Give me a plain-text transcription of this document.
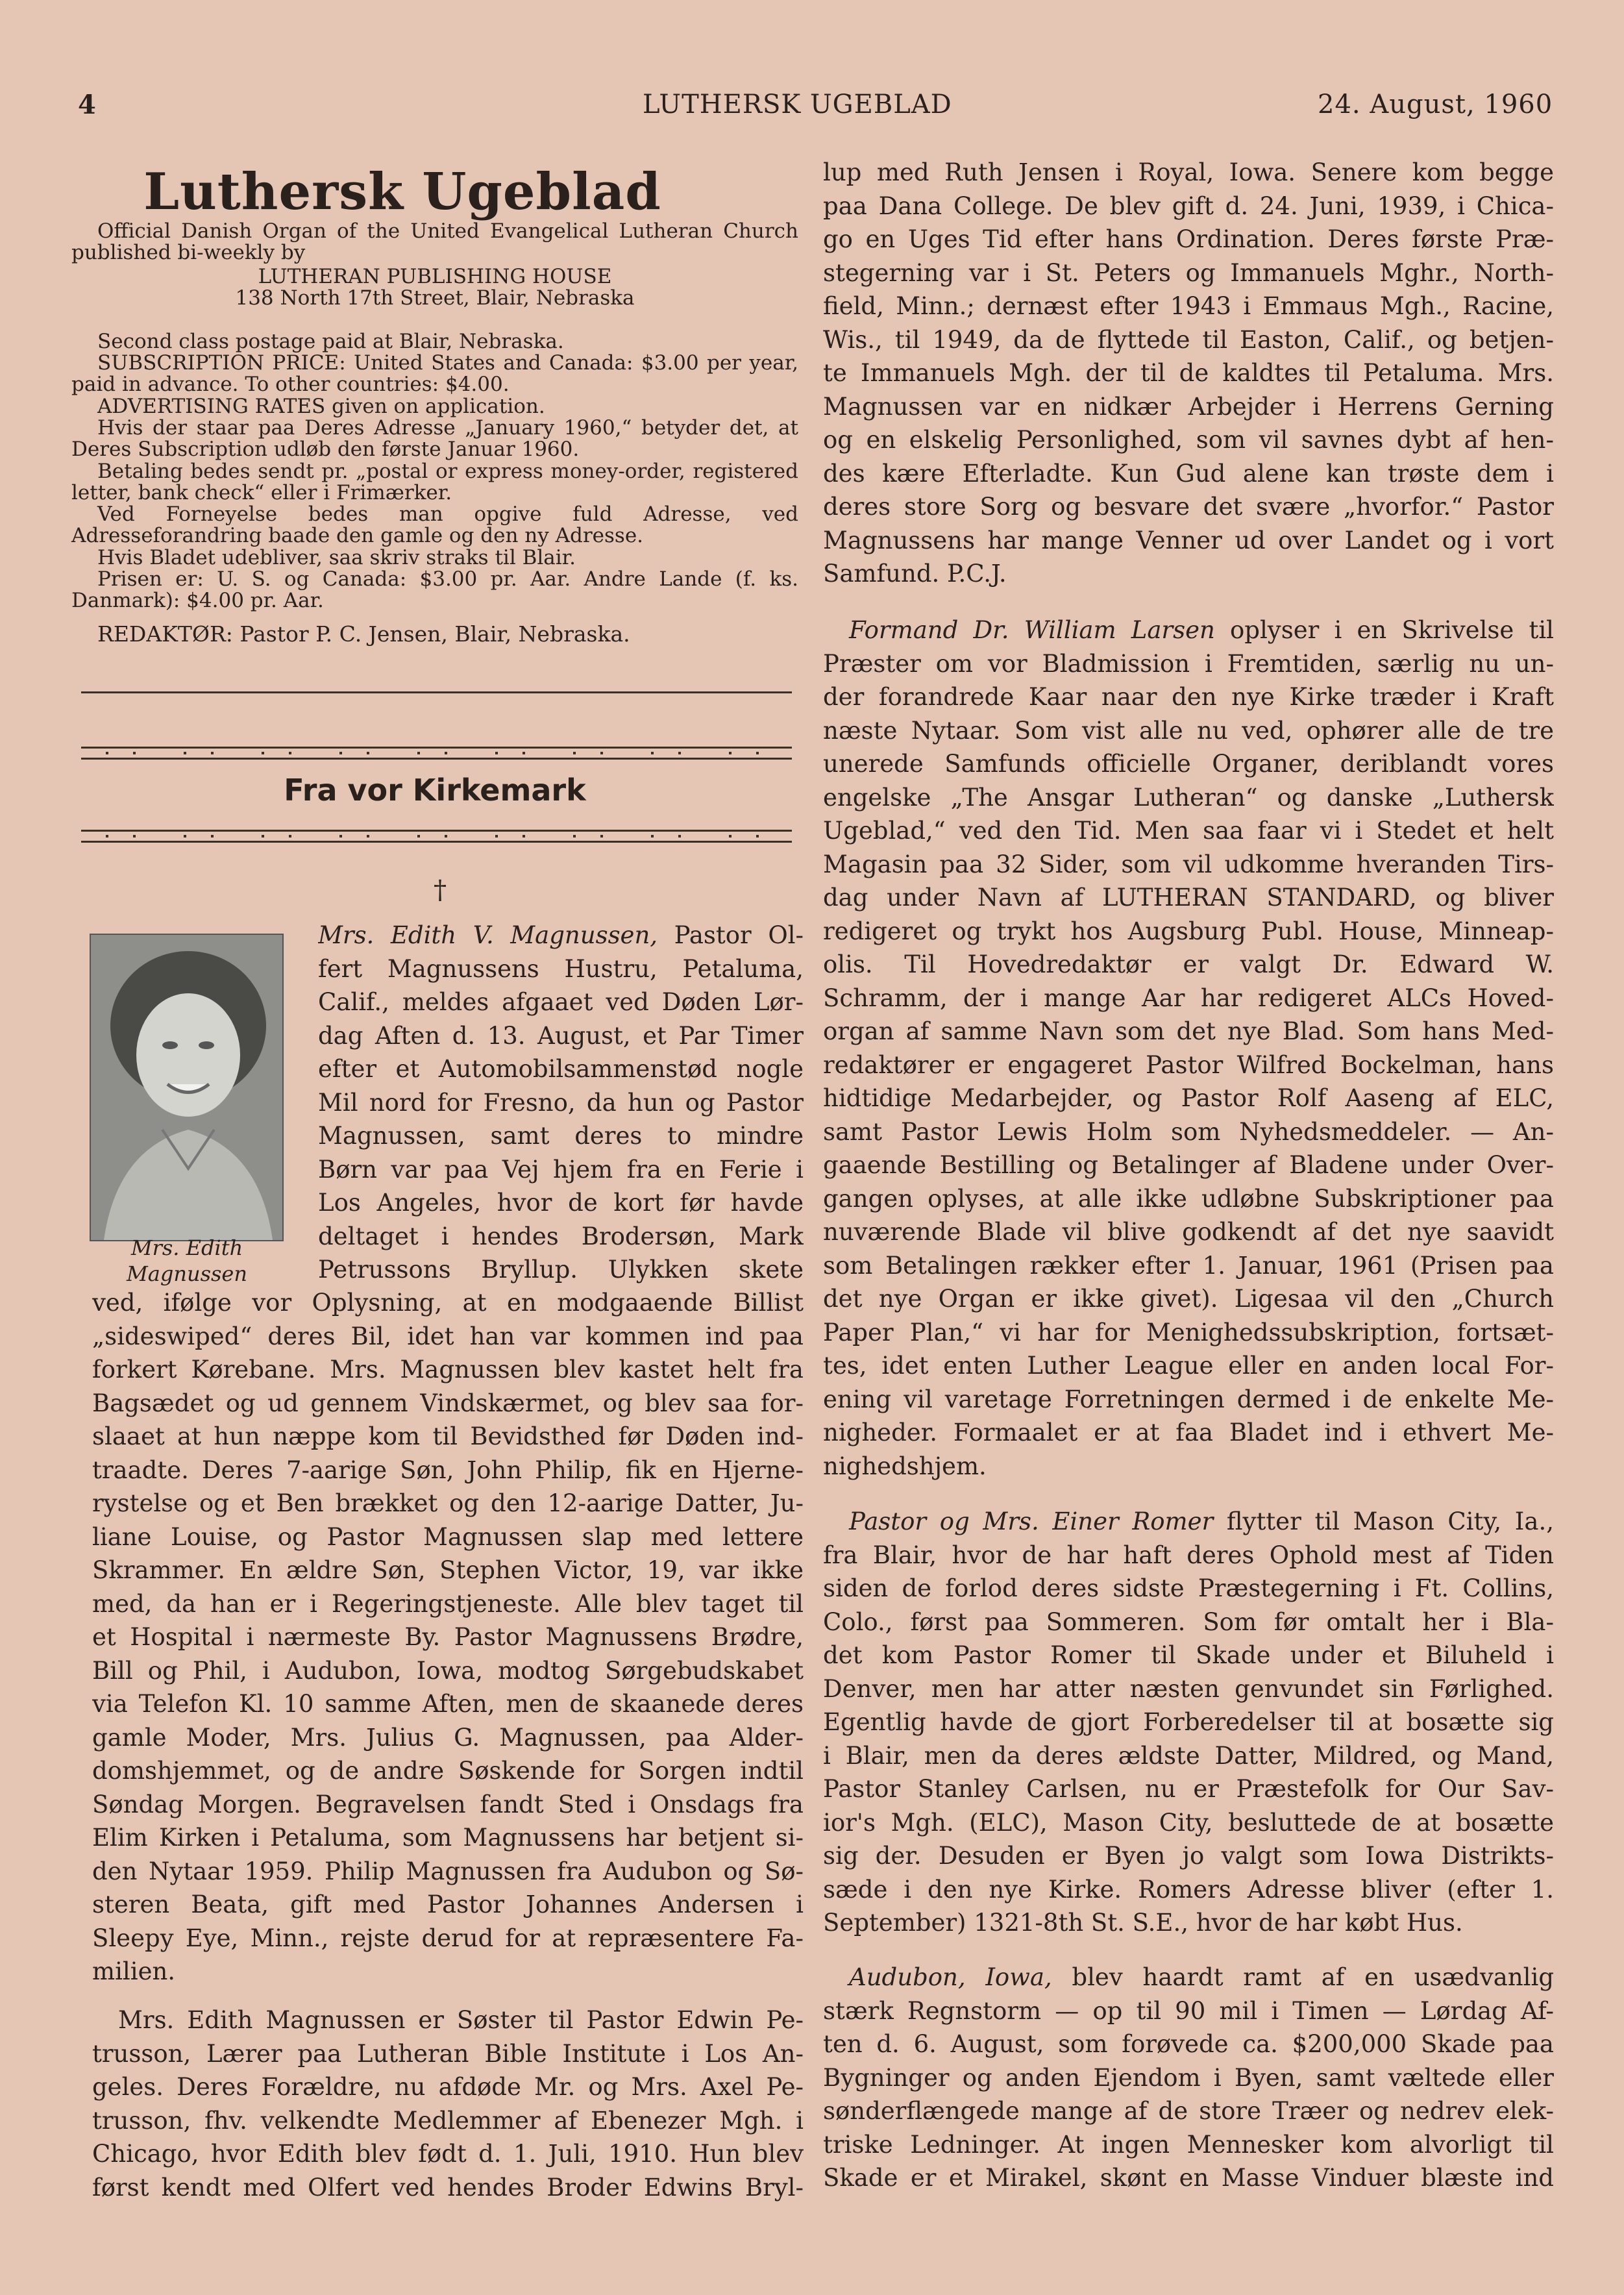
4	LUTHERSK UGEBLAD	24. August, 1960
Luthersk Ugeblad
Official Danish Organ of the United Evangelical Lutheran Church published bi-weekly by
LUTHERAN PUBLISHING HOUSE
138 North 17th Street, Blair, Nebraska
Second class postage paid at Blair, Nebraska.
SUBSCRIPTION PRICE: United States and Canada: $3.00 per year, paid in advance. To other countries: $4.00.
ADVERTISING RATES given on application.
Hvis der staar paa Deres Adresse „January 1960,“ betyder det, at Deres Subscription udløb den første Januar 1960.
Betaling bedes sendt pr. „postal or express money-order, registered letter, bank check“ eller i Frimærker.
Ved Forneyelse bedes man opgive fuld Adresse, ved Adresseforandring baade den gamle og den ny Adresse.
Hvis Bladet udebliver, saa skriv straks til Blair.
Prisen er: U. S. og Canada: $3.00 pr. Aar. Andre Lande (f. ks. Danmark): $4.00 pr. Aar.
REDAKTØR: Pastor P. C. Jensen, Blair, Nebraska.
Fra vor Kirkemark
†
Mrs. Edith
Magnussen
Mrs. Edith V. Magnussen, Pastor Ol-
fert Magnussens Hustru, Petaluma,
Calif., meldes afgaaet ved Døden Lør-
dag Aften d. 13. August, et Par Timer
efter et Automobilsammenstød nogle
Mil nord for Fresno, da hun og Pastor
Magnussen, samt deres to mindre
Børn var paa Vej hjem fra en Ferie i
Los Angeles, hvor de kort før havde
deltaget i hendes Brodersøn, Mark
Petrussons Bryllup. Ulykken skete
ved, ifølge vor Oplysning, at en modgaaende Billist
„sideswiped“ deres Bil, idet han var kommen ind paa
forkert Kørebane. Mrs. Magnussen blev kastet helt fra
Bagsædet og ud gennem Vindskærmet, og blev saa for-
slaaet at hun næppe kom til Bevidsthed før Døden ind-
traadte. Deres 7-aarige Søn, John Philip, fik en Hjerne-
rystelse og et Ben brækket og den 12-aarige Datter, Ju-
liane Louise, og Pastor Magnussen slap med lettere
Skrammer. En ældre Søn, Stephen Victor, 19, var ikke
med, da han er i Regeringstjeneste. Alle blev taget til
et Hospital i nærmeste By. Pastor Magnussens Brødre,
Bill og Phil, i Audubon, Iowa, modtog Sørgebudskabet
via Telefon Kl. 10 samme Aften, men de skaanede deres
gamle Moder, Mrs. Julius G. Magnussen, paa Alder-
domshjemmet, og de andre Søskende for Sorgen indtil
Søndag Morgen. Begravelsen fandt Sted i Onsdags fra
Elim Kirken i Petaluma, som Magnussens har betjent si-
den Nytaar 1959. Philip Magnussen fra Audubon og Sø-
steren Beata, gift med Pastor Johannes Andersen i
Sleepy Eye, Minn., rejste derud for at repræsentere Fa-
milien.
Mrs. Edith Magnussen er Søster til Pastor Edwin Pe-
trusson, Lærer paa Lutheran Bible Institute i Los An-
geles. Deres Forældre, nu afdøde Mr. og Mrs. Axel Pe-
trusson, fhv. velkendte Medlemmer af Ebenezer Mgh. i
Chicago, hvor Edith blev født d. 1. Juli, 1910. Hun blev
først kendt med Olfert ved hendes Broder Edwins Bryl-
lup med Ruth Jensen i Royal, Iowa. Senere kom begge
paa Dana College. De blev gift d. 24. Juni, 1939, i Chica-
go en Uges Tid efter hans Ordination. Deres første Præ-
stegerning var i St. Peters og Immanuels Mghr., North-
field, Minn.; dernæst efter 1943 i Emmaus Mgh., Racine,
Wis., til 1949, da de flyttede til Easton, Calif., og betjen-
te Immanuels Mgh. der til de kaldtes til Petaluma. Mrs.
Magnussen var en nidkær Arbejder i Herrens Gerning
og en elskelig Personlighed, som vil savnes dybt af hen-
des kære Efterladte. Kun Gud alene kan trøste dem i
deres store Sorg og besvare det svære „hvorfor.“ Pastor
Magnussens har mange Venner ud over Landet og i vort
Samfund. P.C.J.
Formand Dr. William Larsen oplyser i en Skrivelse til
Præster om vor Bladmission i Fremtiden, særlig nu un-
der forandrede Kaar naar den nye Kirke træder i Kraft
næste Nytaar. Som vist alle nu ved, ophører alle de tre
unerede Samfunds officielle Organer, deriblandt vores
engelske „The Ansgar Lutheran“ og danske „Luthersk
Ugeblad,“ ved den Tid. Men saa faar vi i Stedet et helt
Magasin paa 32 Sider, som vil udkomme hveranden Tirs-
dag under Navn af LUTHERAN STANDARD, og bliver
redigeret og trykt hos Augsburg Publ. House, Minneap-
olis. Til Hovedredaktør er valgt Dr. Edward W.
Schramm, der i mange Aar har redigeret ALCs Hoved-
organ af samme Navn som det nye Blad. Som hans Med-
redaktører er engageret Pastor Wilfred Bockelman, hans
hidtidige Medarbejder, og Pastor Rolf Aaseng af ELC,
samt Pastor Lewis Holm som Nyhedsmeddeler. — An-
gaaende Bestilling og Betalinger af Bladene under Over-
gangen oplyses, at alle ikke udløbne Subskriptioner paa
nuværende Blade vil blive godkendt af det nye saavidt
som Betalingen rækker efter 1. Januar, 1961 (Prisen paa
det nye Organ er ikke givet). Ligesaa vil den „Church
Paper Plan,“ vi har for Menighedssubskription, fortsæt-
tes, idet enten Luther League eller en anden local For-
ening vil varetage Forretningen dermed i de enkelte Me-
nigheder. Formaalet er at faa Bladet ind i ethvert Me-
nighedshjem.
Pastor og Mrs. Einer Romer flytter til Mason City, Ia.,
fra Blair, hvor de har haft deres Ophold mest af Tiden
siden de forlod deres sidste Præstegerning i Ft. Collins,
Colo., først paa Sommeren. Som før omtalt her i Bla-
det kom Pastor Romer til Skade under et Biluheld i
Denver, men har atter næsten genvundet sin Førlighed.
Egentlig havde de gjort Forberedelser til at bosætte sig
i Blair, men da deres ældste Datter, Mildred, og Mand,
Pastor Stanley Carlsen, nu er Præstefolk for Our Sav-
ior's Mgh. (ELC), Mason City, besluttede de at bosætte
sig der. Desuden er Byen jo valgt som Iowa Distrikts-
sæde i den nye Kirke. Romers Adresse bliver (efter 1.
September) 1321-8th St. S.E., hvor de har købt Hus.
Audubon, Iowa, blev haardt ramt af en usædvanlig
stærk Regnstorm — op til 90 mil i Timen — Lørdag Af-
ten d. 6. August, som forøvede ca. $200,000 Skade paa
Bygninger og anden Ejendom i Byen, samt væltede eller
sønderflængede mange af de store Træer og nedrev elek-
triske Ledninger. At ingen Mennesker kom alvorligt til
Skade er et Mirakel, skønt en Masse Vinduer blæste ind
